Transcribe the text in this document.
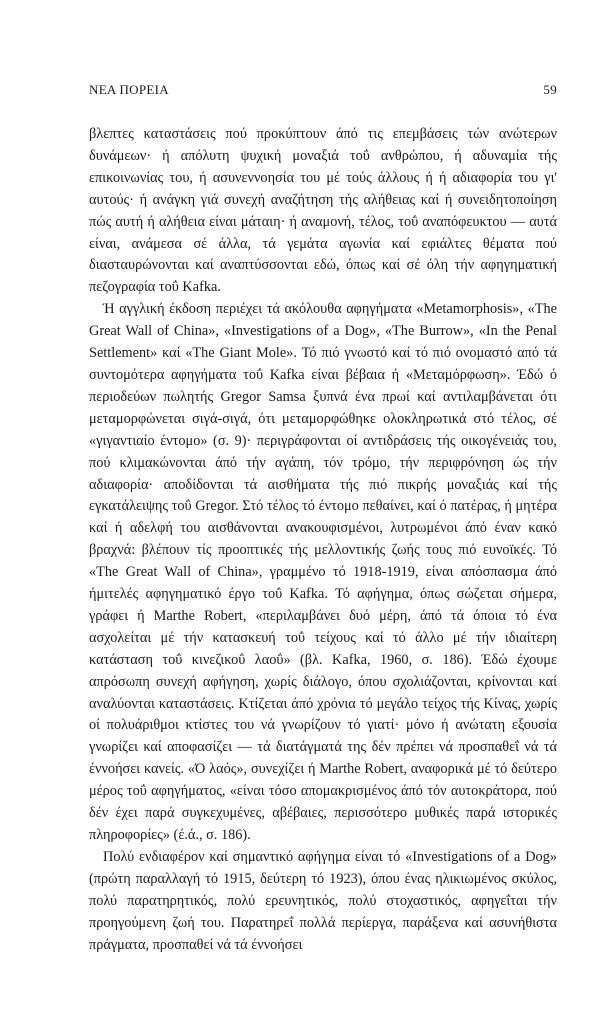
ΝΕΑ ΠΟΡΕΙΑ	59

βλεπτες καταστάσεις πού προκύπτουν άπό τις επεμβάσεις τών ανώτερων δυνάμεων· ή απόλυτη ψυχική μοναξιά τοΰ ανθρώπου, ή αδυναμία τής επικοινωνίας του, ή ασυνεννοησία του μέ τούς άλλους ή ή αδιαφορία του γι' αυτούς· ή ανάγκη γιά συνεχή αναζήτηση τής αλήθειας καί ή συνειδητοποίηση πώς αυτή ή αλήθεια είναι μάταιη· ή αναμονή, τέλος, τοΰ αναπόφευκτου — αυτά είναι, ανάμεσα σέ άλλα, τά γεμάτα αγωνία καί εφιάλτες θέματα πού διασταυρώνονται καί αναπτύσσονται εδώ, όπως καί σέ όλη τήν αφηγηματική πεζογραφία τοΰ Kafka.

Ή αγγλική έκδοση περιέχει τά ακόλουθα αφηγήματα «Metamorphosis», «The Great Wall of China», «Investigations of a Dog», «The Burrow», «In the Penal Settlement» καί «The Giant Mole». Τό πιό γνωστό καί τό πιό ονομαστό από τά συντομότερα αφηγήματα τοΰ Kafka είναι βέβαια ή «Μεταμόρφωση». Έδώ ό περιοδεύων πωλητής Gregor Samsa ξυπνά ένα πρωί καί αντιλαμβάνεται ότι μεταμορφώνεται σιγά-σιγά, ότι μεταμορφώθηκε ολοκληρωτικά στό τέλος, σέ «γιγαντιαίο έντομο» (σ. 9)· περιγράφονται οί αντιδράσεις τής οικογένειάς του, πού κλιμακώνονται άπό τήν αγάπη, τόν τρόμο, τήν περιφρόνηση ώς τήν αδιαφορία· αποδίδονται τά αισθήματα τής πιό πικρής μοναξιάς καί τής εγκατάλειψης τοΰ Gregor. Στό τέλος τό έντομο πεθαίνει, καί ό πατέρας, ή μητέρα καί ή αδελφή του αισθάνονται ανακουφισμένοι, λυτρωμένοι άπό έναν κακό βραχνά: βλέπουν τίς προοπτικές τής μελλοντικής ζωής τους πιό ευνοϊκές. Τό «The Great Wall of China», γραμμένο τό 1918-1919, είναι απόσπασμα άπό ήμιτελές αφηγηματικό έργο τοΰ Kafka. Τό αφήγημα, όπως σώζεται σήμερα, γράφει ή Marthe Robert, «περιλαμβάνει δυό μέρη, άπό τά όποια τό ένα ασχολείται μέ τήν κατασκευή τοΰ τείχους καί τό άλλο μέ τήν ιδιαίτερη κατάσταση τοΰ κινεζικοΰ λαοΰ» (βλ. Kafka, 1960, σ. 186). Έδώ έχουμε απρόσωπη συνεχή αφήγηση, χωρίς διάλογο, όπου σχολιάζονται, κρίνονται καί αναλύονται καταστάσεις. Κτίζεται άπό χρόνια τό μεγάλο τείχος τής Κίνας, χωρίς οί πολυάριθμοι κτίστες του νά γνωρίζουν τό γιατί· μόνο ή ανώτατη εξουσία γνωρίζει καί αποφασίζει — τά διατάγματά της δέν πρέπει νά προσπαθεΐ νά τά έννοήσει κανείς. «Ό λαός», συνεχίζει ή Marthe Robert, αναφορικά μέ τό δεύτερο μέρος τοΰ αφηγήματος, «είναι τόσο απομακρισμένος άπό τόν αυτοκράτορα, πού δέν έχει παρά συγκεχυμένες, αβέβαιες, περισσότερο μυθικές παρά ιστορικές πληροφορίες» (έ.ά., σ. 186).

Πολύ ενδιαφέρον καί σημαντικό αφήγημα είναι τό «Investigations of a Dog» (πρώτη παραλλαγή τό 1915, δεύτερη τό 1923), όπου ένας ηλικιωμένος σκύλος, πολύ παρατηρητικός, πολύ ερευνητικός, πολύ στοχαστικός, αφηγεΐται τήν προηγούμενη ζωή του. Παρατηρεΐ πολλά περίεργα, παράξενα καί ασυνήθιστα πράγματα, προσπαθεί νά τά έννοήσει
